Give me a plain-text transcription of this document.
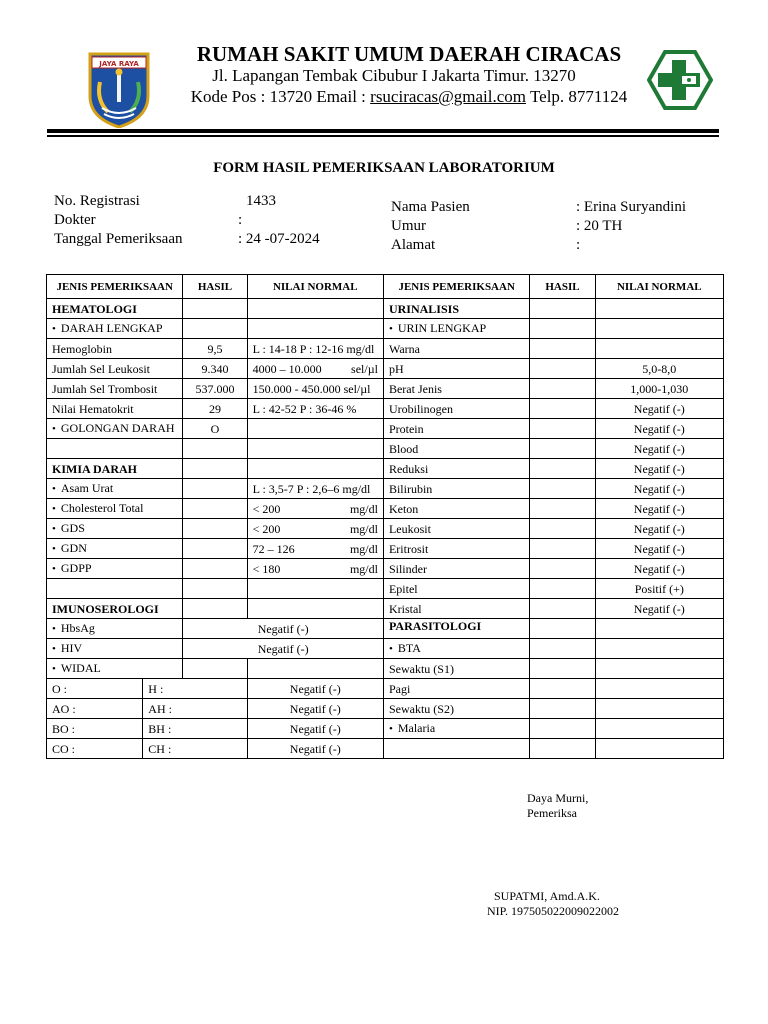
JAYA RAYA	RUMAH SAKIT UMUM DAERAH CIRACAS
Jl. Lapangan Tembak Cibubur I Jakarta Timur. 13270
Kode Pos : 13720 Email : rsuciracas@gmail.com Telp. 8771124
FORM HASIL PEMERIKSAAN LABORATORIUM
No. Registrasi	1433
Dokter	:
Tanggal Pemeriksaan	: 24 -07-2024
Nama Pasien	: Erina Suryandini
Umur	: 20 TH
Alamat	:
JENIS PEMERIKSAAN		HASIL	NILAI NORMAL	JENIS PEMERIKSAAN	HASIL	NILAI NORMAL
HEMATOLOGI				URINALISIS		
• DARAH LENGKAP				• URIN LENGKAP		
Hemoglobin		9,5	L : 14-18 P : 12-16 mg/dl	Warna		
Jumlah Sel Leukosit		9.340	4000 – 10.000 sel/µl	pH		5,0-8,0
Jumlah Sel Trombosit		537.000	150.000 - 450.000 sel/µl	Berat Jenis		1,000-1,030
Nilai Hematokrit		29	L : 42-52 P : 36-46 %	Urobilinogen		Negatif (-)
• GOLONGAN DARAH		O		Protein		Negatif (-)
				Blood		Negatif (-)
KIMIA DARAH				Reduksi		Negatif (-)
• Asam Urat			L : 3,5-7 P : 2,6–6 mg/dl	Bilirubin		Negatif (-)
• Cholesterol Total			< 200 mg/dl	Keton		Negatif (-)
• GDS			< 200 mg/dl	Leukosit		Negatif (-)
• GDN			72 – 126 mg/dl	Eritrosit		Negatif (-)
• GDPP			< 180 mg/dl	Silinder		Negatif (-)
				Epitel		Positif (+)
IMUNOSEROLOGI				Kristal		Negatif (-)
• HbsAg		Negatif (-)		PARASITOLOGI		
• HIV		Negatif (-)		• BTA		
• WIDAL				Sewaktu (S1)		
O :	H :		Negatif (-)	Pagi		
AO :	AH :		Negatif (-)	Sewaktu (S2)		
BO :	BH :		Negatif (-)	• Malaria		
CO :	CH :		Negatif (-)			
Daya Murni,
Pemeriksa
SUPATMI, Amd.A.K.
NIP. 197505022009022002
